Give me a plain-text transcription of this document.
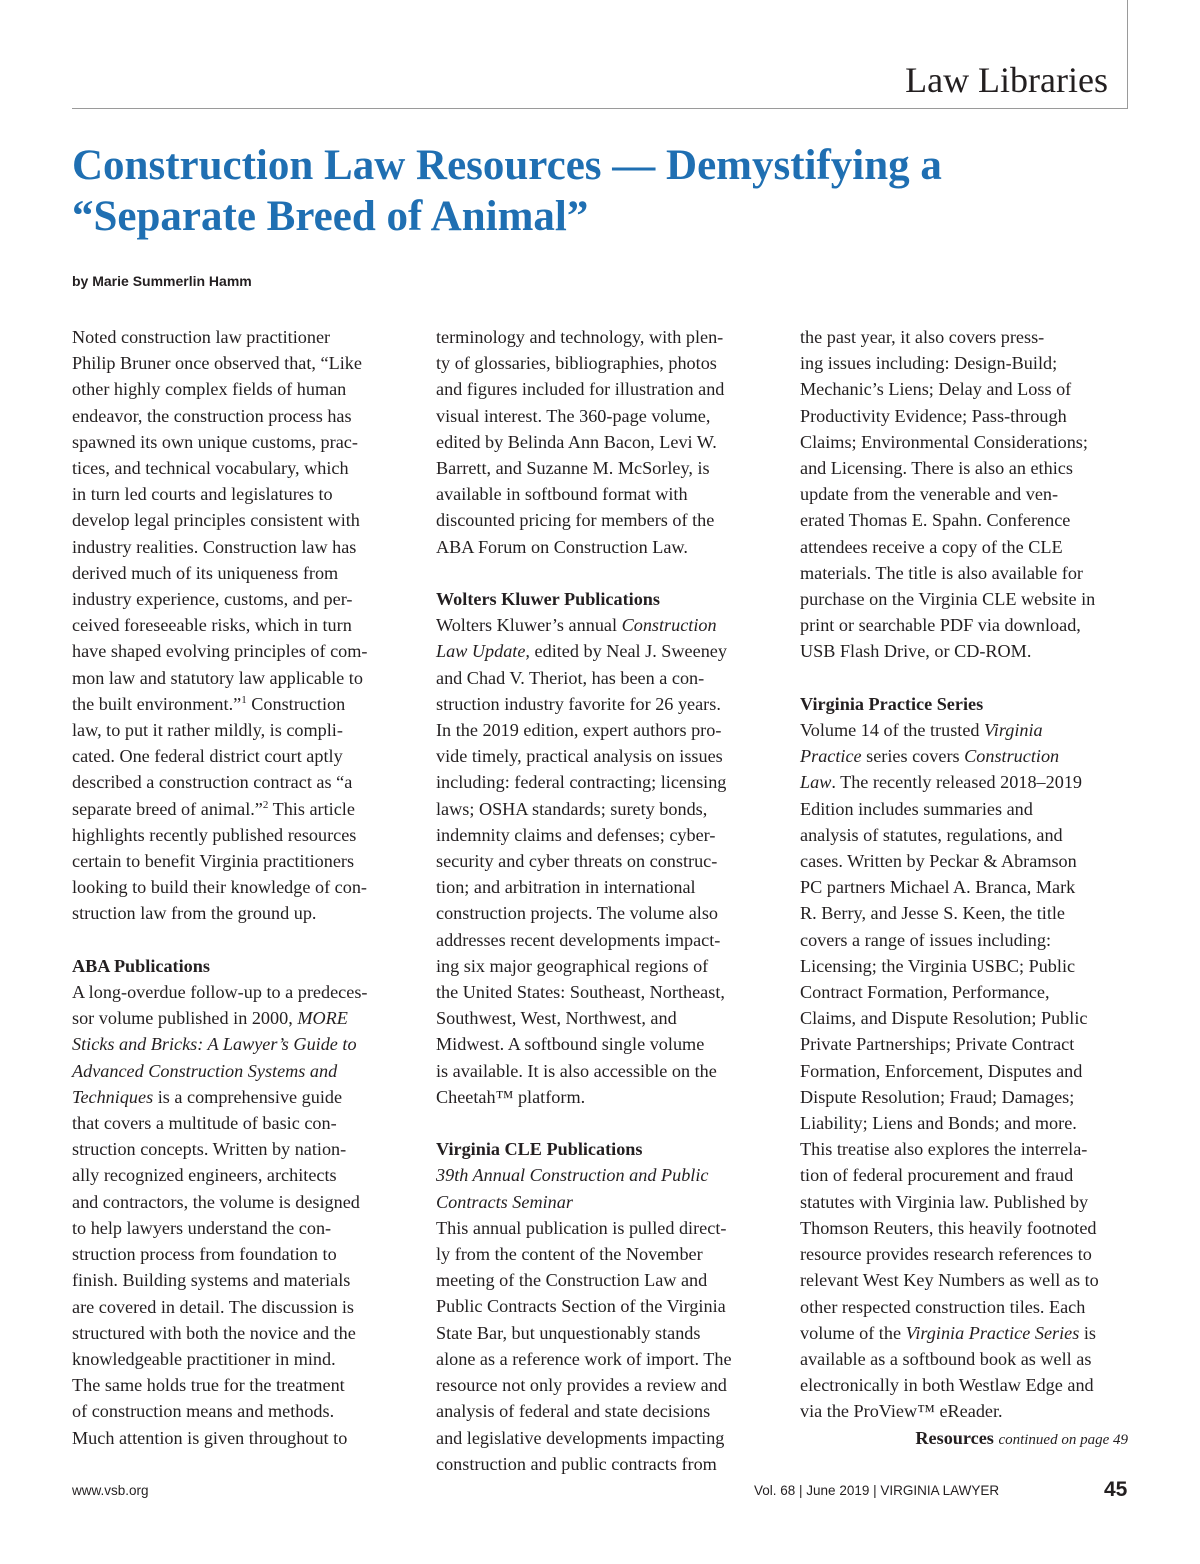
Law Libraries
Construction Law Resources — Demystifying a
“Separate Breed of Animal”

by Marie Summerlin Hamm

Noted construction law practitioner
Philip Bruner once observed that, “Like
other highly complex fields of human
endeavor, the construction process has
spawned its own unique customs, prac-
tices, and technical vocabulary, which
in turn led courts and legislatures to
develop legal principles consistent with
industry realities. Construction law has
derived much of its uniqueness from
industry experience, customs, and per-
ceived foreseeable risks, which in turn
have shaped evolving principles of com-
mon law and statutory law applicable to
the built environment.”$^1$ Construction
law, to put it rather mildly, is compli-
cated. One federal district court aptly
described a construction contract as “a
separate breed of animal.”$^2$ This article
highlights recently published resources
certain to benefit Virginia practitioners
looking to build their knowledge of con-
struction law from the ground up.
ABA Publications
A long-overdue follow-up to a predeces-
sor volume published in 2000, MORE
Sticks and Bricks: A Lawyer’s Guide to
Advanced Construction Systems and
Techniques is a comprehensive guide
that covers a multitude of basic con-
struction concepts. Written by nation-
ally recognized engineers, architects
and contractors, the volume is designed
to help lawyers understand the con-
struction process from foundation to
finish. Building systems and materials
are covered in detail. The discussion is
structured with both the novice and the
knowledgeable practitioner in mind.
The same holds true for the treatment
of construction means and methods.
Much attention is given throughout to
terminology and technology, with plen-
ty of glossaries, bibliographies, photos
and figures included for illustration and
visual interest. The 360-page volume,
edited by Belinda Ann Bacon, Levi W.
Barrett, and Suzanne M. McSorley, is
available in softbound format with
discounted pricing for members of the
ABA Forum on Construction Law.
Wolters Kluwer Publications
Wolters Kluwer’s annual Construction
Law Update, edited by Neal J. Sweeney
and Chad V. Theriot, has been a con-
struction industry favorite for 26 years.
In the 2019 edition, expert authors pro-
vide timely, practical analysis on issues
including: federal contracting; licensing
laws; OSHA standards; surety bonds,
indemnity claims and defenses; cyber-
security and cyber threats on construc-
tion; and arbitration in international
construction projects. The volume also
addresses recent developments impact-
ing six major geographical regions of
the United States: Southeast, Northeast,
Southwest, West, Northwest, and
Midwest. A softbound single volume
is available. It is also accessible on the
Cheetah™ platform.
Virginia CLE Publications
39th Annual Construction and Public
Contracts Seminar
This annual publication is pulled direct-
ly from the content of the November
meeting of the Construction Law and
Public Contracts Section of the Virginia
State Bar, but unquestionably stands
alone as a reference work of import. The
resource not only provides a review and
analysis of federal and state decisions
and legislative developments impacting
construction and public contracts from
the past year, it also covers press-
ing issues including: Design-Build;
Mechanic’s Liens; Delay and Loss of
Productivity Evidence; Pass-through
Claims; Environmental Considerations;
and Licensing. There is also an ethics
update from the venerable and ven-
erated Thomas E. Spahn. Conference
attendees receive a copy of the CLE
materials. The title is also available for
purchase on the Virginia CLE website in
print or searchable PDF via download,
USB Flash Drive, or CD-ROM.
Virginia Practice Series
Volume 14 of the trusted Virginia
Practice series covers Construction
Law. The recently released 2018–2019
Edition includes summaries and
analysis of statutes, regulations, and
cases. Written by Peckar & Abramson
PC partners Michael A. Branca, Mark
R. Berry, and Jesse S. Keen, the title
covers a range of issues including:
Licensing; the Virginia USBC; Public
Contract Formation, Performance,
Claims, and Dispute Resolution; Public
Private Partnerships; Private Contract
Formation, Enforcement, Disputes and
Dispute Resolution; Fraud; Damages;
Liability; Liens and Bonds; and more.
This treatise also explores the interrela-
tion of federal procurement and fraud
statutes with Virginia law. Published by
Thomson Reuters, this heavily footnoted
resource provides research references to
relevant West Key Numbers as well as to
other respected construction tiles. Each
volume of the Virginia Practice Series is
available as a softbound book as well as
electronically in both Westlaw Edge and
via the ProView™ eReader.
Resources continued on page 49
www.vsb.org	Vol. 68 | June 2019 | VIRGINIA LAWYER	45
